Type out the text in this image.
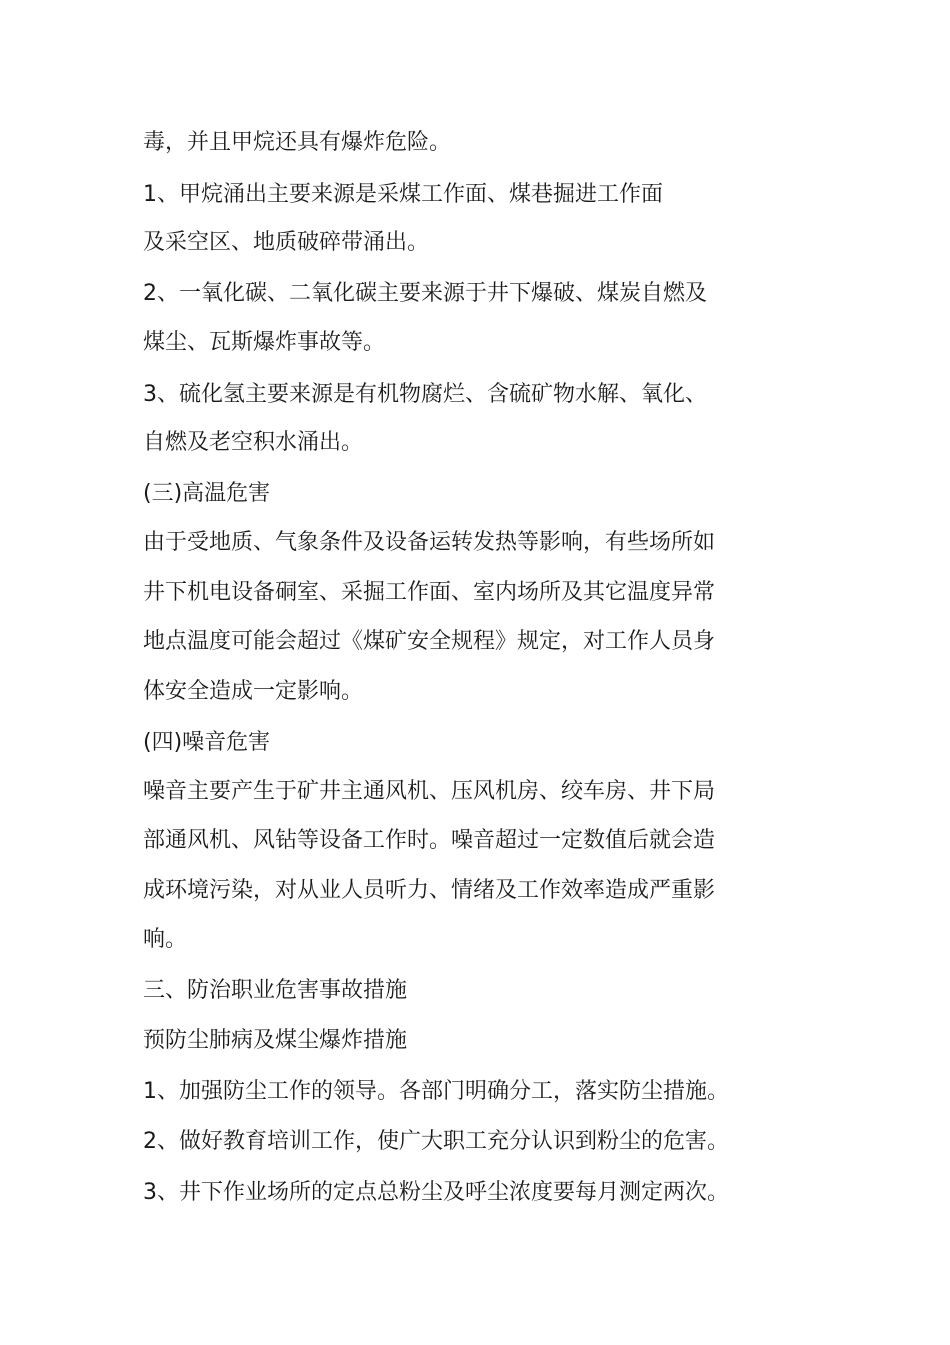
毒，并且甲烷还具有爆炸危险。
1、甲烷涌出主要来源是采煤工作面、煤巷掘进工作面
及采空区、地质破碎带涌出。
2、一氧化碳、二氧化碳主要来源于井下爆破、煤炭自燃及
煤尘、瓦斯爆炸事故等。
3、硫化氢主要来源是有机物腐烂、含硫矿物水解、氧化、
自燃及老空积水涌出。
(三)高温危害
由于受地质、气象条件及设备运转发热等影响，有些场所如
井下机电设备硐室、采掘工作面、室内场所及其它温度异常
地点温度可能会超过《煤矿安全规程》规定，对工作人员身
体安全造成一定影响。
(四)噪音危害
噪音主要产生于矿井主通风机、压风机房、绞车房、井下局
部通风机、风钻等设备工作时。噪音超过一定数值后就会造
成环境污染，对从业人员听力、情绪及工作效率造成严重影
响。
三、防治职业危害事故措施
预防尘肺病及煤尘爆炸措施
1、加强防尘工作的领导。各部门明确分工，落实防尘措施。
2、做好教育培训工作，使广大职工充分认识到粉尘的危害。
3、井下作业场所的定点总粉尘及呼尘浓度要每月测定两次。
